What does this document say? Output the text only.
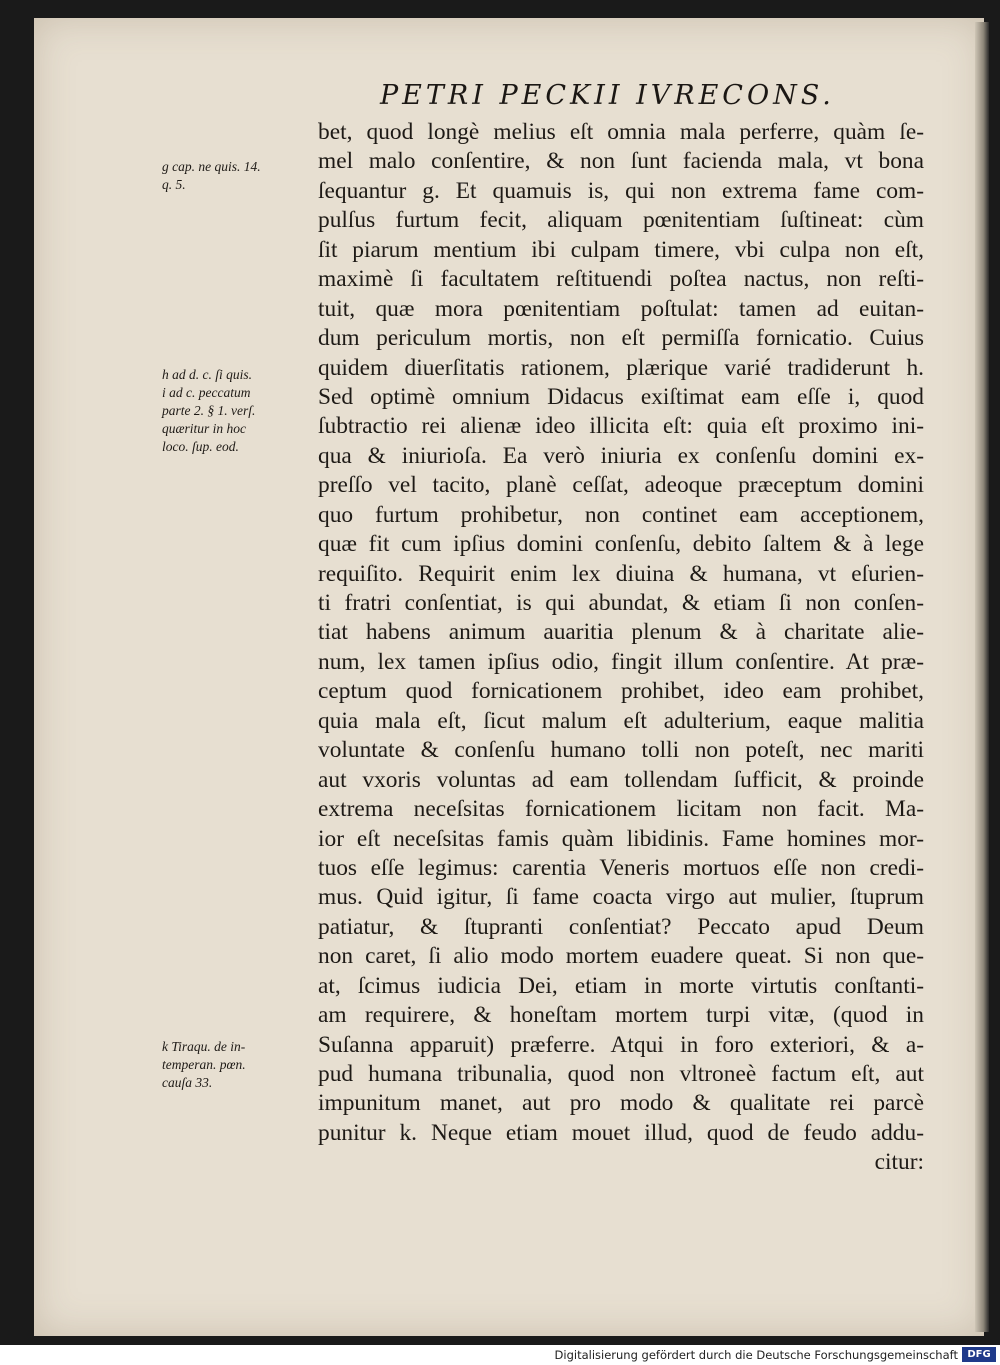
PETRI PECKII IVRECONS.
bet, quod longè melius eſt omnia mala perferre, quàm ſe-
mel malo conſentire, & non ſunt facienda mala, vt bona
ſequantur g. Et quamuis is, qui non extrema fame com-
pulſus furtum fecit, aliquam pœnitentiam ſuſtineat: cùm
ſit piarum mentium ibi culpam timere, vbi culpa non eſt,
maximè ſi facultatem reſtituendi poſtea nactus, non reſti-
tuit, quæ mora pœnitentiam poſtulat: tamen ad euitan-
dum periculum mortis, non eſt permiſſa fornicatio. Cuius
quidem diuerſitatis rationem, plærique varié tradiderunt h.
Sed optimè omnium Didacus exiſtimat eam eſſe i, quod
ſubtractio rei alienæ ideo illicita eſt: quia eſt proximo ini-
qua & iniurioſa. Ea verò iniuria ex conſenſu domini ex-
preſſo vel tacito, planè ceſſat, adeoque præceptum domini
quo furtum prohibetur, non continet eam acceptionem,
quæ fit cum ipſius domini conſenſu, debito ſaltem & à lege
requiſito. Requirit enim lex diuina & humana, vt eſurien-
ti fratri conſentiat, is qui abundat, & etiam ſi non conſen-
tiat habens animum auaritia plenum & à charitate alie-
num, lex tamen ipſius odio, fingit illum conſentire. At præ-
ceptum quod fornicationem prohibet, ideo eam prohibet,
quia mala eſt, ſicut malum eſt adulterium, eaque malitia
voluntate & conſenſu humano tolli non poteſt, nec mariti
aut vxoris voluntas ad eam tollendam ſufficit, & proinde
extrema neceſsitas fornicationem licitam non facit. Ma-
ior eſt neceſsitas famis quàm libidinis. Fame homines mor-
tuos eſſe legimus: carentia Veneris mortuos eſſe non credi-
mus. Quid igitur, ſi fame coacta virgo aut mulier, ſtuprum
patiatur, & ſtupranti conſentiat? Peccato apud Deum
non caret, ſi alio modo mortem euadere queat. Si non que-
at, ſcimus iudicia Dei, etiam in morte virtutis conſtanti-
am requirere, & honeſtam mortem turpi vitæ, (quod in
Suſanna apparuit) præferre. Atqui in foro exteriori, & a-
pud humana tribunalia, quod non vltroneè factum eſt, aut
impunitum manet, aut pro modo & qualitate rei parcè
punitur k. Neque etiam mouet illud, quod de feudo addu-
citur:
g cap. ne quis. 14.
q. 5.
h ad d. c. ſi quis.
i ad c. peccatum
parte 2. § 1. verſ.
quæritur in hoc
loco. ſup. eod.
k Tiraqu. de in-
temperan. pœn.
cauſa 33.
Digitalisierung gefördert durch die Deutsche Forschungsgemeinschaft DFG
